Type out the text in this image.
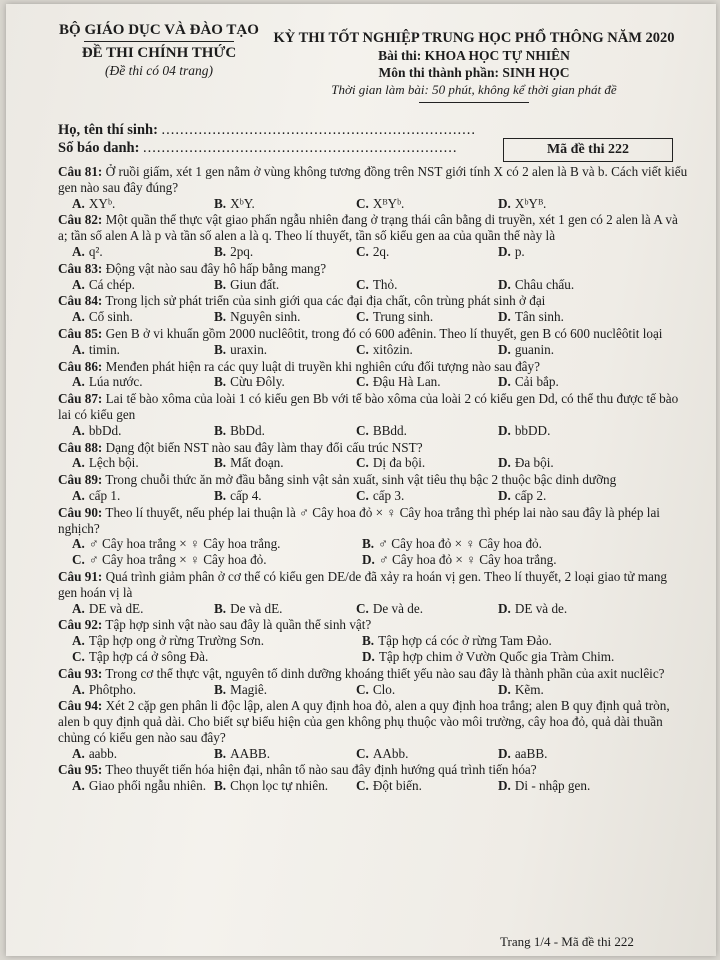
BỘ GIÁO DỤC VÀ ĐÀO TẠO
ĐỀ THI CHÍNH THỨC
(Đề thi có 04 trang)
KỲ THI TỐT NGHIỆP TRUNG HỌC PHỔ THÔNG NĂM 2020
Bài thi: KHOA HỌC TỰ NHIÊN
Môn thi thành phần: SINH HỌC
Thời gian làm bài: 50 phút, không kể thời gian phát đề
Họ, tên thí sinh: ....................................................................
Số báo danh: ....................................................................	Mã đề thi 222
Câu 81: Ở ruồi giấm, xét 1 gen nằm ở vùng không tương đồng trên NST giới tính X có 2 alen là B và b. Cách viết kiểu gen nào sau đây đúng?
A. XYᵇ.	B. XᵇY.	C. XᴮYᵇ.	D. XᵇYᴮ.
Câu 82: Một quần thể thực vật giao phấn ngẫu nhiên đang ở trạng thái cân bằng di truyền, xét 1 gen có 2 alen là A và a; tần số alen A là p và tần số alen a là q. Theo lí thuyết, tần số kiểu gen aa của quần thể này là
A. q².	B. 2pq.	C. 2q.	D. p.
Câu 83: Động vật nào sau đây hô hấp bằng mang?
A. Cá chép.	B. Giun đất.	C. Thỏ.	D. Châu chấu.
Câu 84: Trong lịch sử phát triển của sinh giới qua các đại địa chất, côn trùng phát sinh ở đại
A. Cổ sinh.	B. Nguyên sinh.	C. Trung sinh.	D. Tân sinh.
Câu 85: Gen B ở vi khuẩn gồm 2000 nuclêôtit, trong đó có 600 ađênin. Theo lí thuyết, gen B có 600 nuclêôtit loại
A. timin.	B. uraxin.	C. xitôzin.	D. guanin.
Câu 86: Menđen phát hiện ra các quy luật di truyền khi nghiên cứu đối tượng nào sau đây?
A. Lúa nước.	B. Cừu Đôly.	C. Đậu Hà Lan.	D. Cải bắp.
Câu 87: Lai tế bào xôma của loài 1 có kiểu gen Bb với tế bào xôma của loài 2 có kiểu gen Dd, có thể thu được tế bào lai có kiểu gen
A. bbDd.	B. BbDd.	C. BBdd.	D. bbDD.
Câu 88: Dạng đột biến NST nào sau đây làm thay đổi cấu trúc NST?
A. Lệch bội.	B. Mất đoạn.	C. Dị đa bội.	D. Đa bội.
Câu 89: Trong chuỗi thức ăn mở đầu bằng sinh vật sản xuất, sinh vật tiêu thụ bậc 2 thuộc bậc dinh dưỡng
A. cấp 1.	B. cấp 4.	C. cấp 3.	D. cấp 2.
Câu 90: Theo lí thuyết, nếu phép lai thuận là ♂ Cây hoa đỏ × ♀ Cây hoa trắng thì phép lai nào sau đây là phép lai nghịch?
A. ♂ Cây hoa trắng × ♀ Cây hoa trắng.	B. ♂ Cây hoa đỏ × ♀ Cây hoa đỏ.
C. ♂ Cây hoa trắng × ♀ Cây hoa đỏ.	D. ♂ Cây hoa đỏ × ♀ Cây hoa trắng.
Câu 91: Quá trình giảm phân ở cơ thể có kiểu gen DE/de đã xảy ra hoán vị gen. Theo lí thuyết, 2 loại giao tử mang gen hoán vị là
A. DE và dE.	B. De và dE.	C. De và de.	D. DE và de.
Câu 92: Tập hợp sinh vật nào sau đây là quần thể sinh vật?
A. Tập hợp ong ở rừng Trường Sơn.	B. Tập hợp cá cóc ở rừng Tam Đảo.
C. Tập hợp cá ở sông Đà.	D. Tập hợp chim ở Vườn Quốc gia Tràm Chim.
Câu 93: Trong cơ thể thực vật, nguyên tố dinh dưỡng khoáng thiết yếu nào sau đây là thành phần của axit nuclêic?
A. Phôtpho.	B. Magiê.	C. Clo.	D. Kẽm.
Câu 94: Xét 2 cặp gen phân li độc lập, alen A quy định hoa đỏ, alen a quy định hoa trắng; alen B quy định quả tròn, alen b quy định quả dài. Cho biết sự biểu hiện của gen không phụ thuộc vào môi trường, cây hoa đỏ, quả dài thuần chủng có kiểu gen nào sau đây?
A. aabb.	B. AABB.	C. AAbb.	D. aaBB.
Câu 95: Theo thuyết tiến hóa hiện đại, nhân tố nào sau đây định hướng quá trình tiến hóa?
A. Giao phối ngẫu nhiên. B. Chọn lọc tự nhiên.	C. Đột biến.	D. Di - nhập gen.
Trang 1/4 - Mã đề thi 222
